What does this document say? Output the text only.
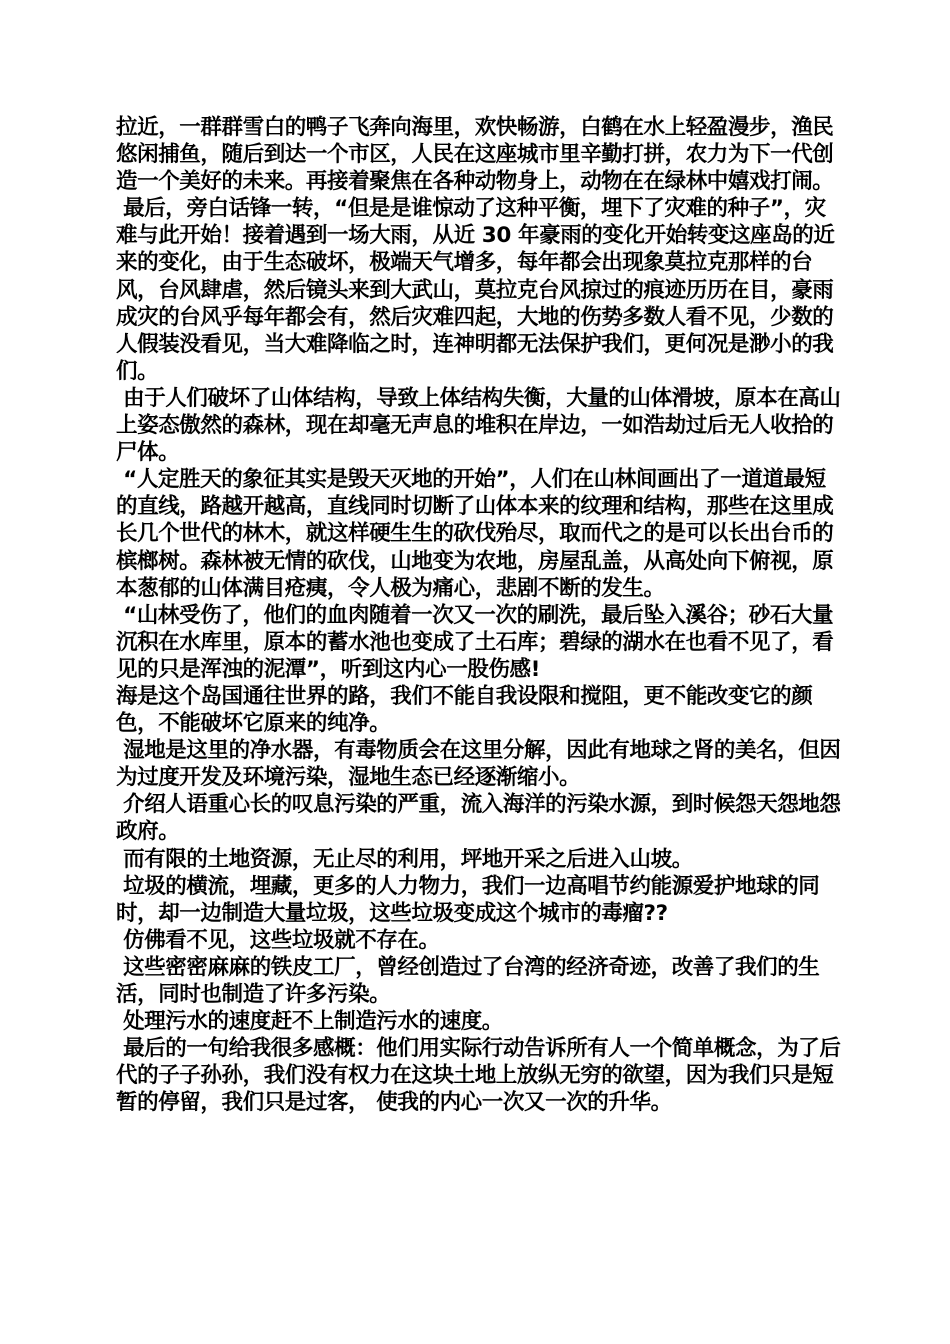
拉近，一群群雪白的鸭子飞奔向海里，欢快畅游，白鹤在水上轻盈漫步，渔民悠闲捕鱼，随后到达一个市区，人民在这座城市里辛勤打拼，农力为下一代创造一个美好的未来。再接着聚焦在各种动物身上，动物在在绿林中嬉戏打闹。

最后，旁白话锋一转，“但是是谁惊动了这种平衡，埋下了灾难的种子”，灾难与此开始！接着遇到一场大雨，从近 30 年豪雨的变化开始转变这座岛的近来的变化，由于生态破坏，极端天气增多，每年都会出现象莫拉克那样的台风，台风肆虐，然后镜头来到大武山，莫拉克台风掠过的痕迹历历在目，豪雨成灾的台风乎每年都会有，然后灾难四起，大地的伤势多数人看不见，少数的人假装没看见，当大难降临之时，连神明都无法保护我们，更何况是渺小的我们。

由于人们破坏了山体结构，导致上体结构失衡，大量的山体滑坡，原本在高山上姿态傲然的森林，现在却毫无声息的堆积在岸边，一如浩劫过后无人收拾的尸体。

“人定胜天的象征其实是毁天灭地的开始”，人们在山林间画出了一道道最短的直线，路越开越高，直线同时切断了山体本来的纹理和结构，那些在这里成长几个世代的林木，就这样硬生生的砍伐殆尽，取而代之的是可以长出台币的槟榔树。森林被无情的砍伐，山地变为农地，房屋乱盖，从高处向下俯视，原本葱郁的山体满目疮痍，令人极为痛心，悲剧不断的发生。

“山林受伤了，他们的血肉随着一次又一次的刷洗，最后坠入溪谷；砂石大量沉积在水库里，原本的蓄水池也变成了土石库；碧绿的湖水在也看不见了，看见的只是浑浊的泥潭”，听到这内心一股伤感!

海是这个岛国通往世界的路，我们不能自我设限和搅阻，更不能改变它的颜色，不能破坏它原来的纯净。

湿地是这里的净水器，有毒物质会在这里分解，因此有地球之肾的美名，但因为过度开发及环境污染，湿地生态已经逐渐缩小。

介绍人语重心长的叹息污染的严重，流入海洋的污染水源，到时候怨天怨地怨政府。

而有限的土地资源，无止尽的利用，坪地开采之后进入山坡。

垃圾的横流，埋藏，更多的人力物力，我们一边高唱节约能源爱护地球的同时，却一边制造大量垃圾，这些垃圾变成这个城市的毒瘤??

仿佛看不见，这些垃圾就不存在。

这些密密麻麻的铁皮工厂，曾经创造过了台湾的经济奇迹，改善了我们的生活，同时也制造了许多污染。

处理污水的速度赶不上制造污水的速度。

最后的一句给我很多感概：他们用实际行动告诉所有人一个简单概念，为了后代的子子孙孙，我们没有权力在这块土地上放纵无穷的欲望，因为我们只是短暂的停留，我们只是过客， 使我的内心一次又一次的升华。
